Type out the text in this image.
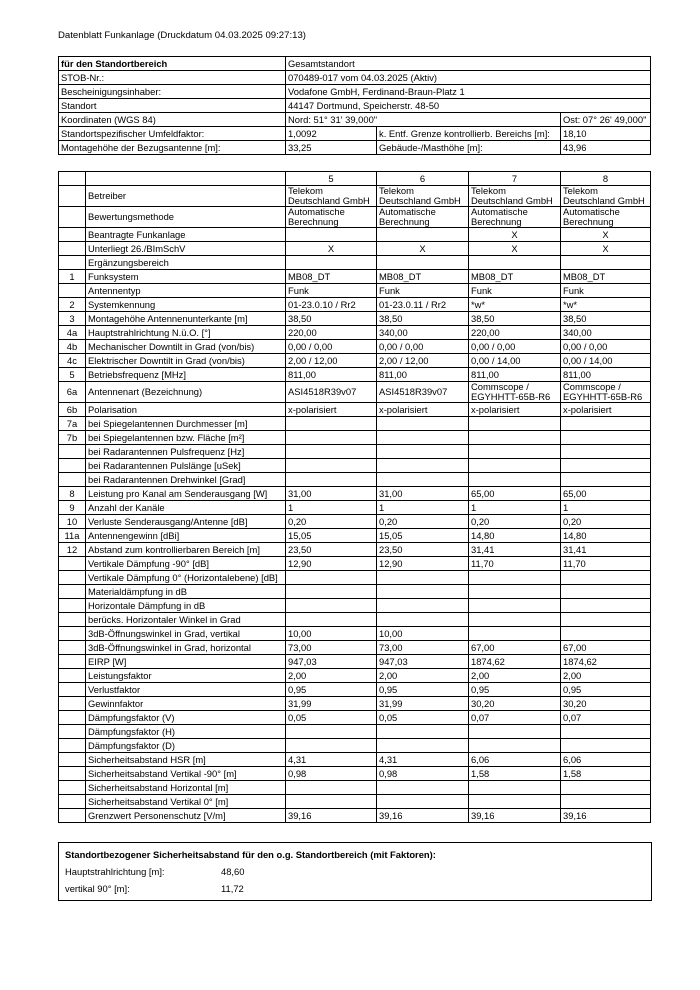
Datenblatt Funkanlage (Druckdatum 04.03.2025 09:27:13)
für den Standortbereich	Gesamtstandort		
STOB-Nr.:	070489-017 vom 04.03.2025 (Aktiv)		
Bescheinigungsinhaber:	Vodafone GmbH, Ferdinand-Braun-Platz 1		
Standort	44147 Dortmund, Speicherstr. 48-50		
Koordinaten (WGS 84)	Nord: 51° 31' 39,000"		Ost: 07° 26' 49,000"
Standortspezifischer Umfeldfaktor:	1,0092	k. Entf. Grenze kontrollierb. Bereichs [m]:	18,10
Montagehöhe der Bezugsantenne [m]:	33,25	Gebäude-/Masthöhe [m]:	43,96
		5	6	7	8
	Betreiber	Telekom Deutschland GmbH	Telekom Deutschland GmbH	Telekom Deutschland GmbH	Telekom Deutschland GmbH
	Bewertungsmethode	Automatische Berechnung	Automatische Berechnung	Automatische Berechnung	Automatische Berechnung
	Beantragte Funkanlage			X	X
	Unterliegt 26./BImSchV	X	X	X	X
	Ergänzungsbereich				
1	Funksystem	MB08_DT	MB08_DT	MB08_DT	MB08_DT
	Antennentyp	Funk	Funk	Funk	Funk
2	Systemkennung	01-23.0.10 / Rr2	01-23.0.11 / Rr2	*w*	*w*
3	Montagehöhe Antennenunterkante [m]	38,50	38,50	38,50	38,50
4a	Hauptstrahlrichtung N.ü.O. [°]	220,00	340,00	220,00	340,00
4b	Mechanischer Downtilt in Grad (von/bis)	0,00 / 0,00	0,00 / 0,00	0,00 / 0,00	0,00 / 0,00
4c	Elektrischer Downtilt in Grad (von/bis)	2,00 / 12,00	2,00 / 12,00	0,00 / 14,00	0,00 / 14,00
5	Betriebsfrequenz [MHz]	811,00	811,00	811,00	811,00
6a	Antennenart (Bezeichnung)	ASI4518R39v07	ASI4518R39v07	Commscope / EGYHHTT-65B-R6	Commscope / EGYHHTT-65B-R6
6b	Polarisation	x-polarisiert	x-polarisiert	x-polarisiert	x-polarisiert
7a	bei Spiegelantennen Durchmesser [m]				
7b	bei Spiegelantennen bzw. Fläche [m²]				
	bei Radarantennen Pulsfrequenz [Hz]				
	bei Radarantennen Pulslänge [uSek]				
	bei Radarantennen Drehwinkel [Grad]				
8	Leistung pro Kanal am Senderausgang [W]	31,00	31,00	65,00	65,00
9	Anzahl der Kanäle	1	1	1	1
10	Verluste Senderausgang/Antenne [dB]	0,20	0,20	0,20	0,20
11a	Antennengewinn [dBi]	15,05	15,05	14,80	14,80
12	Abstand zum kontrollierbaren Bereich [m]	23,50	23,50	31,41	31,41
	Vertikale Dämpfung -90° [dB]	12,90	12,90	11,70	11,70
	Vertikale Dämpfung 0° (Horizontalebene) [dB]				
	Materialdämpfung in dB				
	Horizontale Dämpfung in dB				
	berücks. Horizontaler Winkel in Grad				
	3dB-Öffnungswinkel in Grad, vertikal	10,00	10,00		
	3dB-Öffnungswinkel in Grad, horizontal	73,00	73,00	67,00	67,00
	EIRP [W]	947,03	947,03	1874,62	1874,62
	Leistungsfaktor	2,00	2,00	2,00	2,00
	Verlustfaktor	0,95	0,95	0,95	0,95
	Gewinnfaktor	31,99	31,99	30,20	30,20
	Dämpfungsfaktor (V)	0,05	0,05	0,07	0,07
	Dämpfungsfaktor (H)				
	Dämpfungsfaktor (D)				
	Sicherheitsabstand HSR [m]	4,31	4,31	6,06	6,06
	Sicherheitsabstand Vertikal -90° [m]	0,98	0,98	1,58	1,58
	Sicherheitsabstand Horizontal [m]				
	Sicherheitsabstand Vertikal 0° [m]				
	Grenzwert Personenschutz [V/m]	39,16	39,16	39,16	39,16
Standortbezogener Sicherheitsabstand für den o.g. Standortbereich (mit Faktoren):
Hauptstrahlrichtung [m]:	48,60
vertikal 90° [m]:	11,72
